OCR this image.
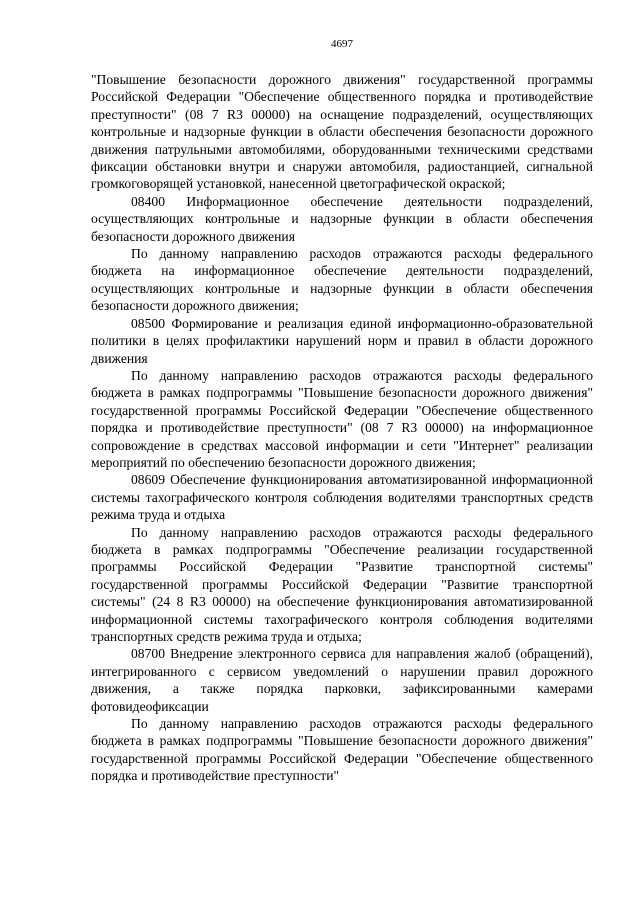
4697

"Повышение безопасности дорожного движения" государственной программы Российской Федерации "Обеспечение общественного порядка и противодействие преступности" (08 7 R3 00000) на оснащение подразделений, осуществляющих контрольные и надзорные функции в области обеспечения безопасности дорожного движения патрульными автомобилями, оборудованными техническими средствами фиксации обстановки внутри и снаружи автомобиля, радиостанцией, сигнальной громкоговорящей установкой, нанесенной цветографической окраской;

08400 Информационное обеспечение деятельности подразделений, осуществляющих контрольные и надзорные функции в области обеспечения безопасности дорожного движения

По данному направлению расходов отражаются расходы федерального бюджета на информационное обеспечение деятельности подразделений, осуществляющих контрольные и надзорные функции в области обеспечения безопасности дорожного движения;

08500 Формирование и реализация единой информационно-образовательной политики в целях профилактики нарушений норм и правил в области дорожного движения

По данному направлению расходов отражаются расходы федерального бюджета в рамках подпрограммы "Повышение безопасности дорожного движения" государственной программы Российской Федерации "Обеспечение общественного порядка и противодействие преступности" (08 7 R3 00000) на информационное сопровождение в средствах массовой информации и сети "Интернет" реализации мероприятий по обеспечению безопасности дорожного движения;

08609 Обеспечение функционирования автоматизированной информационной системы тахографического контроля соблюдения водителями транспортных средств режима труда и отдыха

По данному направлению расходов отражаются расходы федерального бюджета в рамках подпрограммы "Обеспечение реализации государственной программы Российской Федерации "Развитие транспортной системы" государственной программы Российской Федерации "Развитие транспортной системы" (24 8 R3 00000) на обеспечение функционирования автоматизированной информационной системы тахографического контроля соблюдения водителями транспортных средств режима труда и отдыха;

08700 Внедрение электронного сервиса для направления жалоб (обращений), интегрированного с сервисом уведомлений о нарушении правил дорожного движения, а также порядка парковки, зафиксированными камерами фотовидеофиксации

По данному направлению расходов отражаются расходы федерального бюджета в рамках подпрограммы "Повышение безопасности дорожного движения" государственной программы Российской Федерации "Обеспечение общественного порядка и противодействие преступности"
